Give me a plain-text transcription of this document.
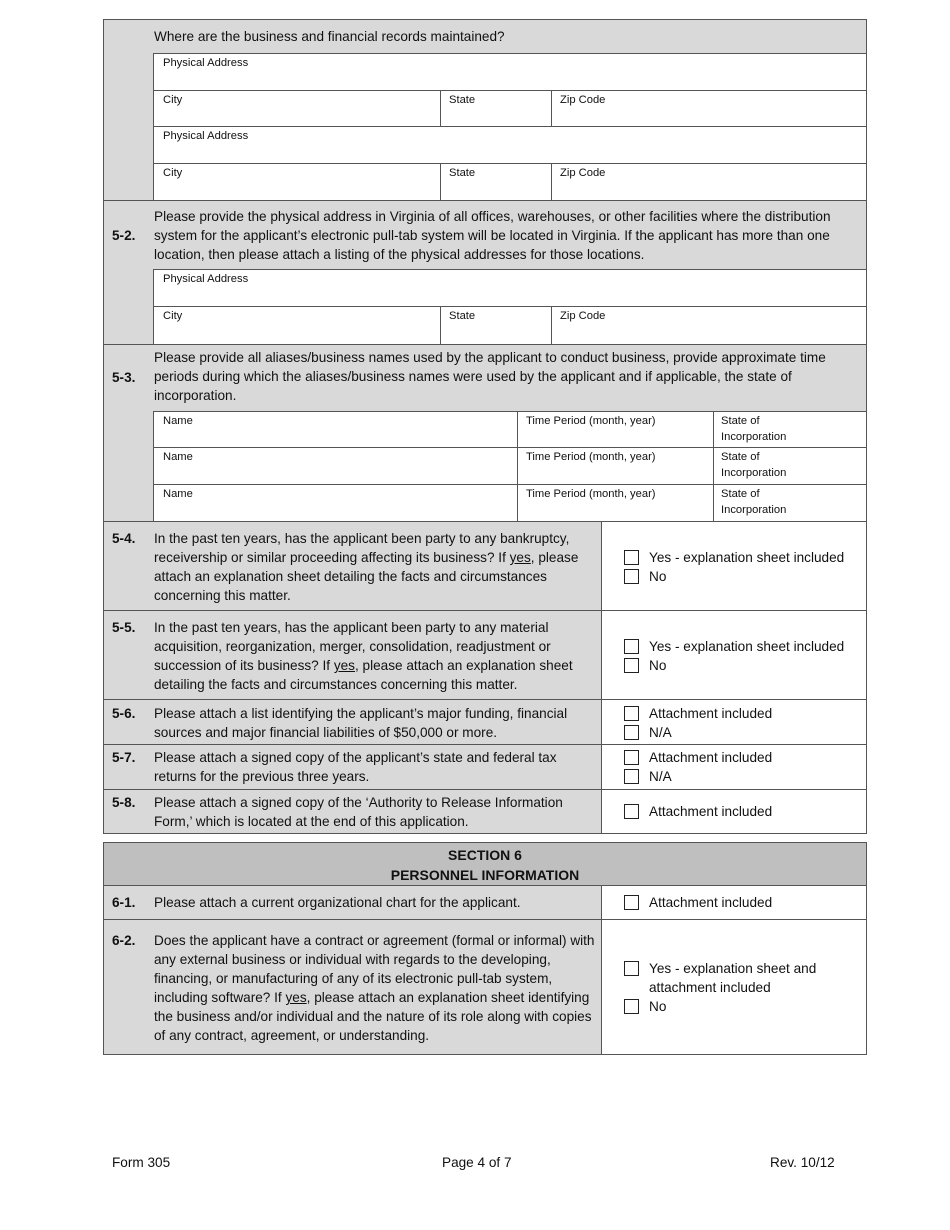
Where are the business and financial records maintained?
Physical Address
City	State	Zip Code
Physical Address
City	State	Zip Code
5-2.
Please provide the physical address in Virginia of all offices, warehouses, or other facilities where the distribution system for the applicant’s electronic pull-tab system will be located in Virginia. If the applicant has more than one location, then please attach a listing of the physical addresses for those locations.
Physical Address
City	State	Zip Code
5-3.
Please provide all aliases/business names used by the applicant to conduct business, provide approximate time periods during which the aliases/business names were used by the applicant and if applicable, the state of incorporation.
Name	Time Period (month, year)	State of
Incorporation
Name	Time Period (month, year)	State of
Incorporation
Name	Time Period (month, year)	State of
Incorporation
5-4. In the past ten years, has the applicant been party to any bankruptcy, receivership or similar proceeding affecting its business? If yes, please attach an explanation sheet detailing the facts and circumstances concerning this matter.
Yes - explanation sheet included
No
5-5. In the past ten years, has the applicant been party to any material acquisition, reorganization, merger, consolidation, readjustment or succession of its business? If yes, please attach an explanation sheet detailing the facts and circumstances concerning this matter.
Yes - explanation sheet included
No
5-6. Please attach a list identifying the applicant’s major funding, financial sources and major financial liabilities of $50,000 or more.
Attachment included
N/A
5-7. Please attach a signed copy of the applicant’s state and federal tax returns for the previous three years.
Attachment included
N/A
5-8. Please attach a signed copy of the ‘Authority to Release Information Form,’ which is located at the end of this application.
Attachment included
SECTION 6
PERSONNEL INFORMATION
6-1. Please attach a current organizational chart for the applicant.	Attachment included
6-2. Does the applicant have a contract or agreement (formal or informal) with any external business or individual with regards to the developing, financing, or manufacturing of any of its electronic pull-tab system, including software? If yes, please attach an explanation sheet identifying the business and/or individual and the nature of its role along with copies of any contract, agreement, or understanding.
Yes - explanation sheet and attachment included
No
Form 305	Page 4 of 7	Rev. 10/12
